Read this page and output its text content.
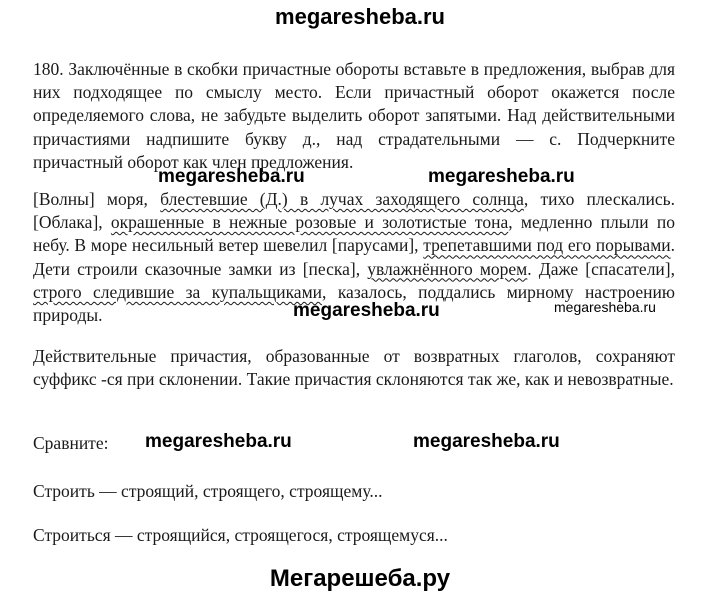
megaresheba.ru
180. Заключённые в скобки причастные обороты вставьте в предложения, выбрав для них подходящее по смыслу место. Если причастный оборот окажется после определяемого слова, не забудьте выделить оборот запятыми. Над действительными причастиями надпишите букву д., над страдательными — с. Подчеркните причастный оборот как член предложения.
megaresheba.ru	megaresheba.ru
[Волны] моря, блестевшие (Д.) в лучах заходящего солнца, тихо плескались. [Облака], окрашенные в нежные розовые и золотистые тона, медленно плыли по небу. В море несильный ветер шевелил [парусами], трепетавшими под его порывами. Дети строили сказочные замки из [песка], увлажнённого морем. Даже [спасатели], строго следившие за купальщиками, казалось, поддались мирному настроению природы.	megaresheba.ru	megaresheba.ru
Действительные причастия, образованные от возвратных глаголов, сохраняют суффикс -ся при склонении. Такие причастия склоняются так же, как и невозвратные.
Сравните: megaresheba.ru	megaresheba.ru
Строить — строящий, строящего, строящему...
Строиться — строящийся, строящегося, строящемуся...
Мегарешеба.ру
